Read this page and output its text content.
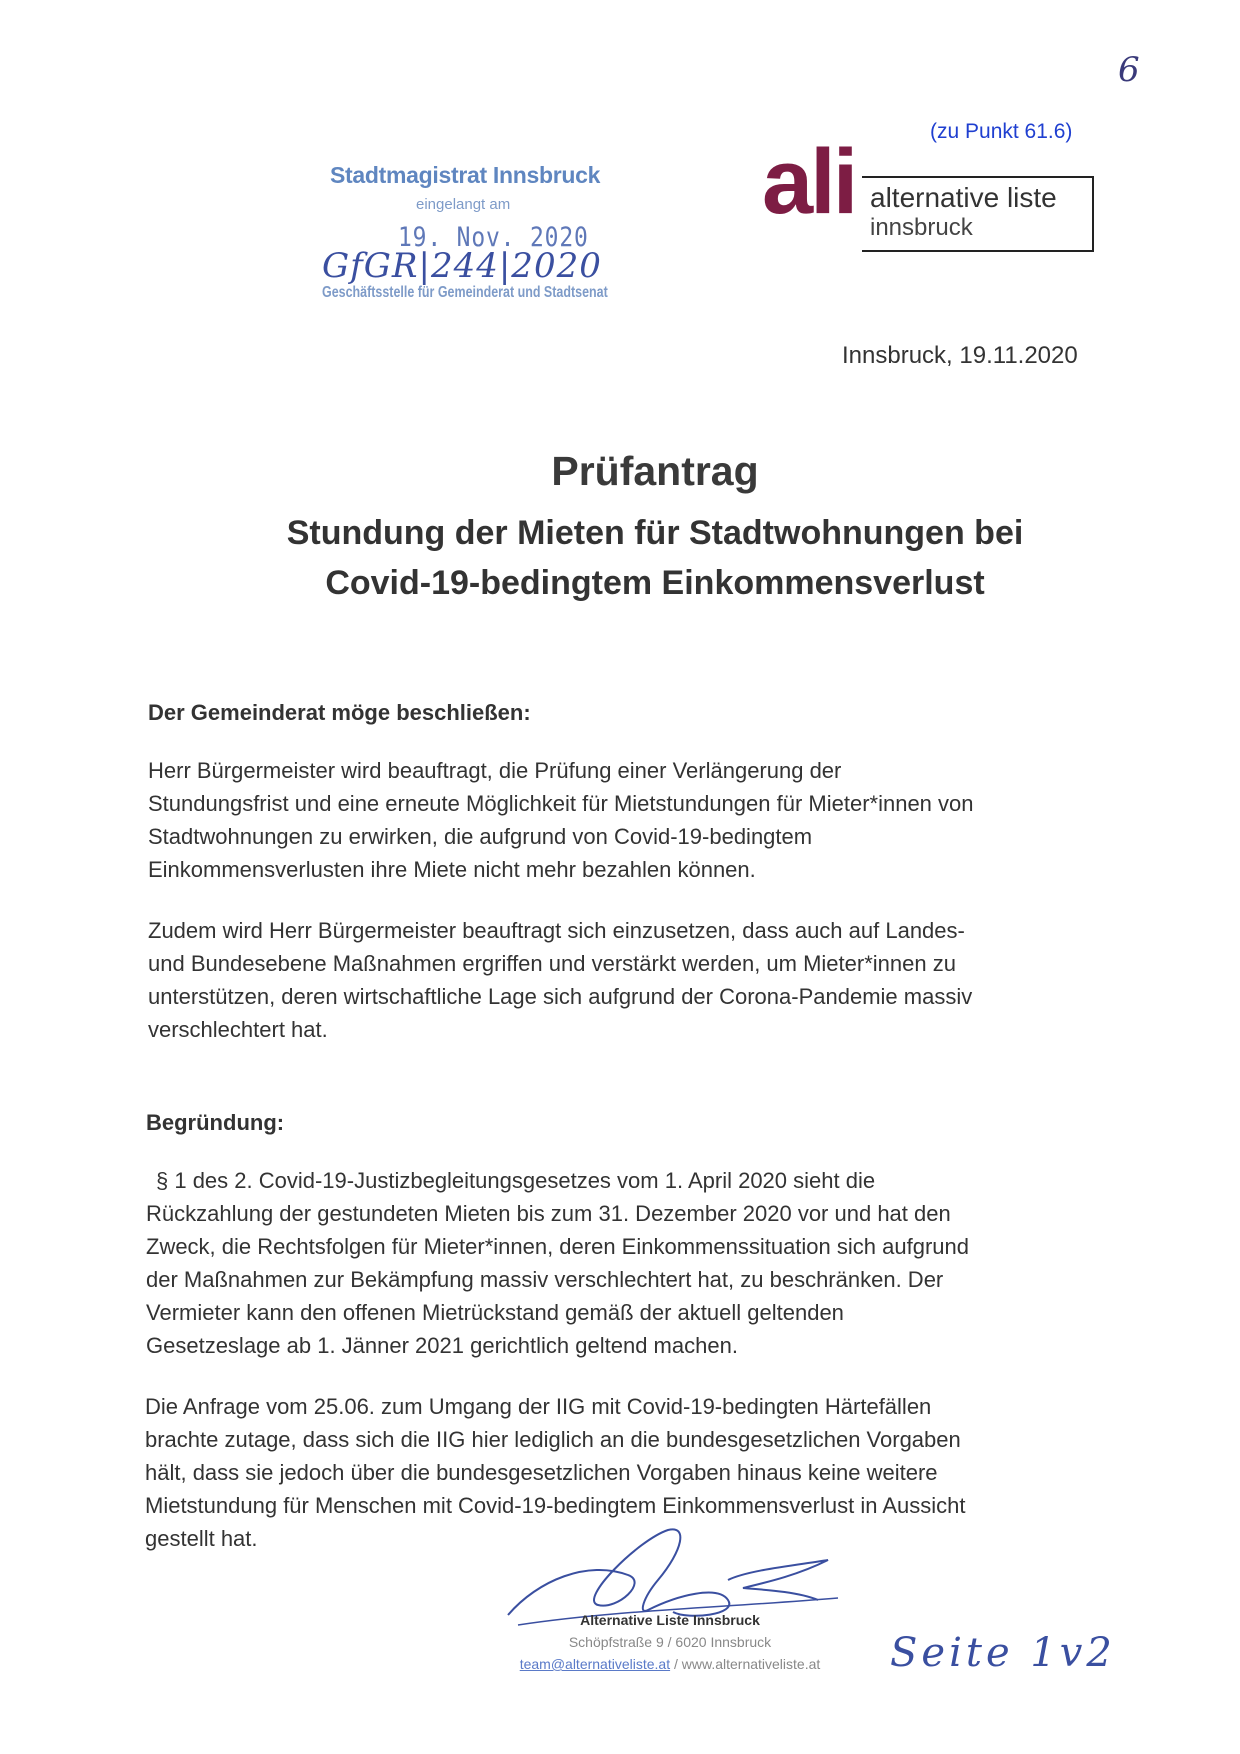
6
(zu Punkt 61.6)
Stadtmagistrat Innsbruck
eingelangt am
19. Nov. 2020
GfGR|244|2020
Geschäftsstelle für Gemeinderat und Stadtsenat
ali alternative liste
innsbruck
Innsbruck, 19.11.2020
Prüfantrag
Stundung der Mieten für Stadtwohnungen bei
Covid-19-bedingtem Einkommensverlust
Der Gemeinderat möge beschließen:
Herr Bürgermeister wird beauftragt, die Prüfung einer Verlängerung der
Stundungsfrist und eine erneute Möglichkeit für Mietstundungen für Mieter*innen von
Stadtwohnungen zu erwirken, die aufgrund von Covid-19-bedingtem
Einkommensverlusten ihre Miete nicht mehr bezahlen können.
Zudem wird Herr Bürgermeister beauftragt sich einzusetzen, dass auch auf Landes-
und Bundesebene Maßnahmen ergriffen und verstärkt werden, um Mieter*innen zu
unterstützen, deren wirtschaftliche Lage sich aufgrund der Corona-Pandemie massiv
verschlechtert hat.
Begründung:
§ 1 des 2. Covid-19-Justizbegleitungsgesetzes vom 1. April 2020 sieht die
Rückzahlung der gestundeten Mieten bis zum 31. Dezember 2020 vor und hat den
Zweck, die Rechtsfolgen für Mieter*innen, deren Einkommenssituation sich aufgrund
der Maßnahmen zur Bekämpfung massiv verschlechtert hat, zu beschränken. Der
Vermieter kann den offenen Mietrückstand gemäß der aktuell geltenden
Gesetzeslage ab 1. Jänner 2021 gerichtlich geltend machen.
Die Anfrage vom 25.06. zum Umgang der IIG mit Covid-19-bedingten Härtefällen
brachte zutage, dass sich die IIG hier lediglich an die bundesgesetzlichen Vorgaben
hält, dass sie jedoch über die bundesgesetzlichen Vorgaben hinaus keine weitere
Mietstundung für Menschen mit Covid-19-bedingtem Einkommensverlust in Aussicht
gestellt hat.
Alternative Liste Innsbruck
Schöpfstraße 9 / 6020 Innsbruck
team@alternativeliste.at / www.alternativeliste.at	Seite 1v2
